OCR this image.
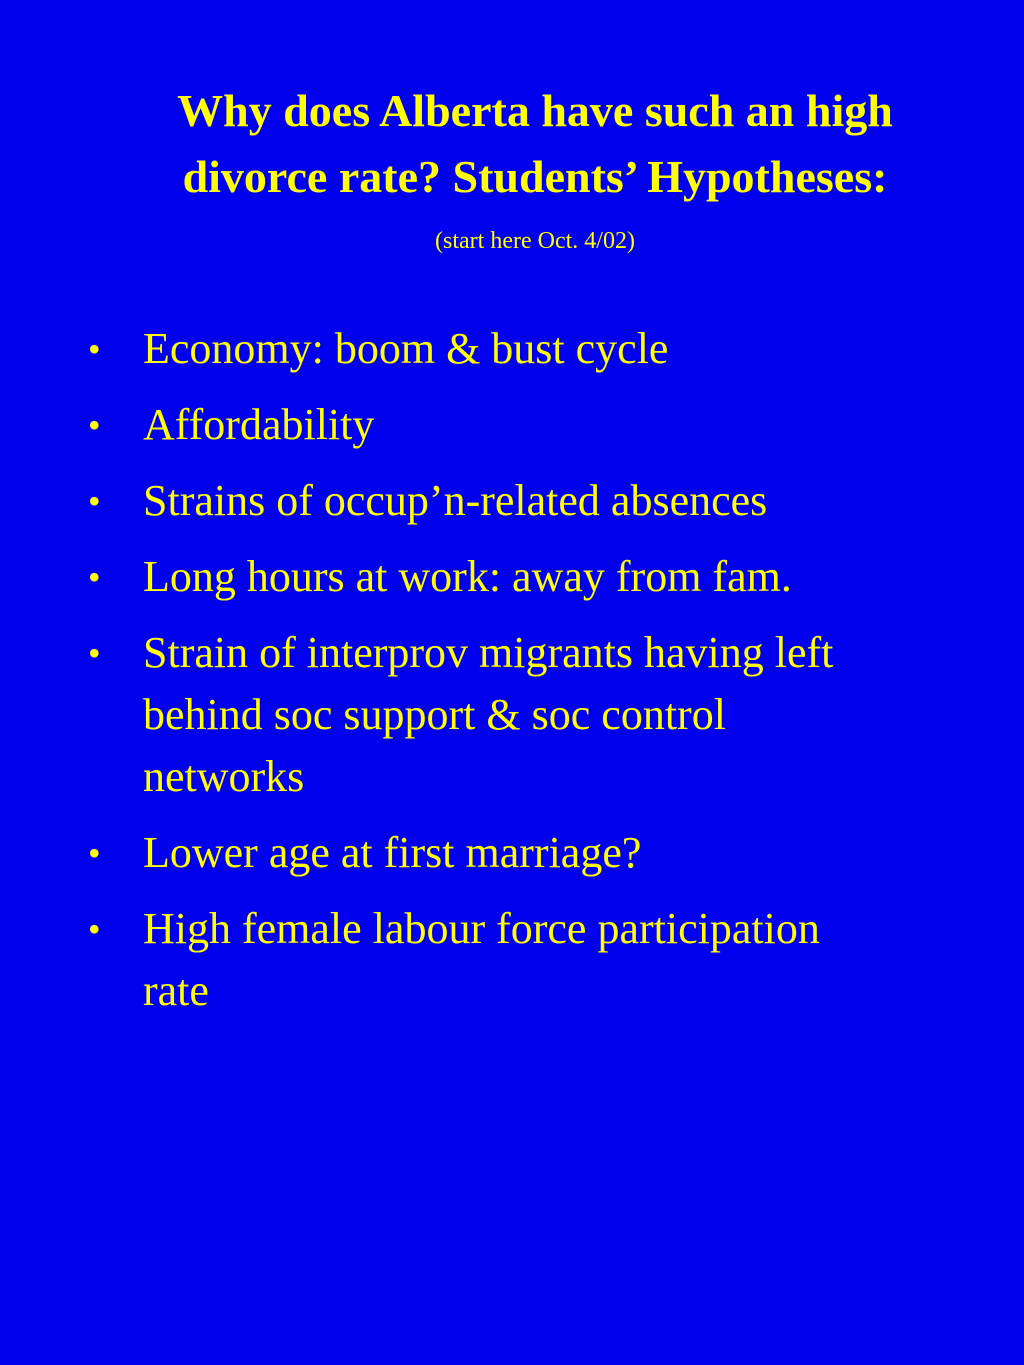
Why does Alberta have such an high
divorce rate? Students’ Hypotheses:
(start here Oct. 4/02)
• Economy: boom & bust cycle
• Affordability
• Strains of occup’n-related absences
• Long hours at work: away from fam.
• Strain of interprov migrants having left
behind soc support & soc control
networks
• Lower age at first marriage?
• High female labour force participation
rate
